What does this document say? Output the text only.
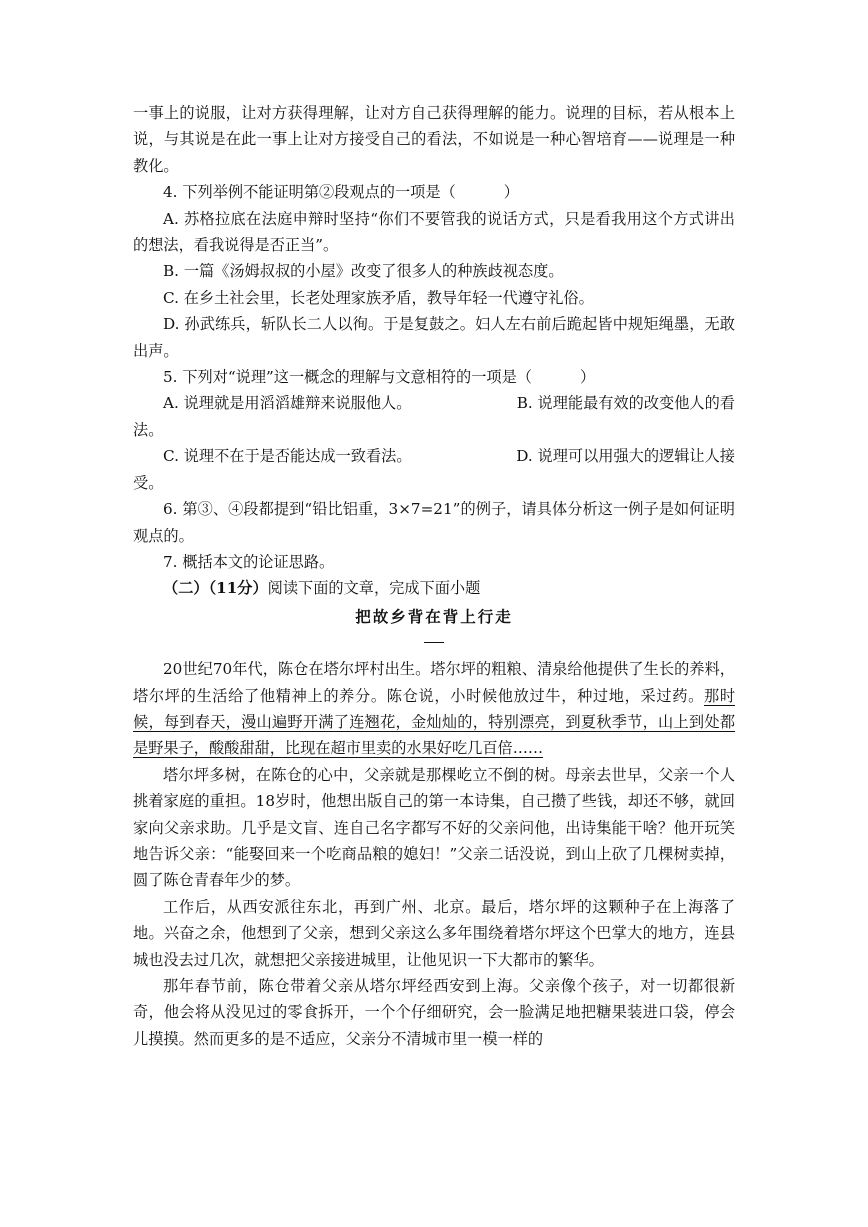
一事上的说服，让对方获得理解，让对方自己获得理解的能力。说理的目标，若从根本上说，与其说是在此一事上让对方接受自己的看法，不如说是一种心智培育——说理是一种教化。

4. 下列举例不能证明第②段观点的一项是（	）

A. 苏格拉底在法庭申辩时坚持“你们不要管我的说话方式，只是看我用这个方式讲出的想法，看我说得是否正当”。

B. 一篇《汤姆叔叔的小屋》改变了很多人的种族歧视态度。

C. 在乡土社会里，长老处理家族矛盾，教导年轻一代遵守礼俗。

D. 孙武练兵，斩队长二人以徇。于是复鼓之。妇人左右前后跪起皆中规矩绳墨，无敢出声。

5. 下列对“说理”这一概念的理解与文意相符的一项是（	）

A. 说理就是用滔滔雄辩来说服他人。	B. 说理能最有效的改变他人的看

法。

C. 说理不在于是否能达成一致看法。	D. 说理可以用强大的逻辑让人接

受。

6. 第③、④段都提到“铅比铝重，3×7=21”的例子，请具体分析这一例子是如何证明观点的。

7. 概括本文的论证思路。

（二）（11分）阅读下面的文章，完成下面小题

把故乡背在背上行走

20世纪70年代，陈仓在塔尔坪村出生。塔尔坪的粗粮、清泉给他提供了生长的养料，塔尔坪的生活给了他精神上的养分。陈仓说，小时候他放过牛，种过地，采过药。那时候，每到春天，漫山遍野开满了连翘花，金灿灿的，特别漂亮，到夏秋季节，山上到处都是野果子，酸酸甜甜，比现在超市里卖的水果好吃几百倍……

塔尔坪多树，在陈仓的心中，父亲就是那棵屹立不倒的树。母亲去世早，父亲一个人挑着家庭的重担。18岁时，他想出版自己的第一本诗集，自己攒了些钱，却还不够，就回家向父亲求助。几乎是文盲、连自己名字都写不好的父亲问他，出诗集能干啥？他开玩笑地告诉父亲：“能娶回来一个吃商品粮的媳妇！”父亲二话没说，到山上砍了几棵树卖掉，圆了陈仓青春年少的梦。

工作后，从西安派往东北，再到广州、北京。最后，塔尔坪的这颗种子在上海落了地。兴奋之余，他想到了父亲，想到父亲这么多年围绕着塔尔坪这个巴掌大的地方，连县城也没去过几次，就想把父亲接进城里，让他见识一下大都市的繁华。

那年春节前，陈仓带着父亲从塔尔坪经西安到上海。父亲像个孩子，对一切都很新奇，他会将从没见过的零食拆开，一个个仔细研究，会一脸满足地把糖果装进口袋，停会儿摸摸。然而更多的是不适应，父亲分不清城市里一模一样的
